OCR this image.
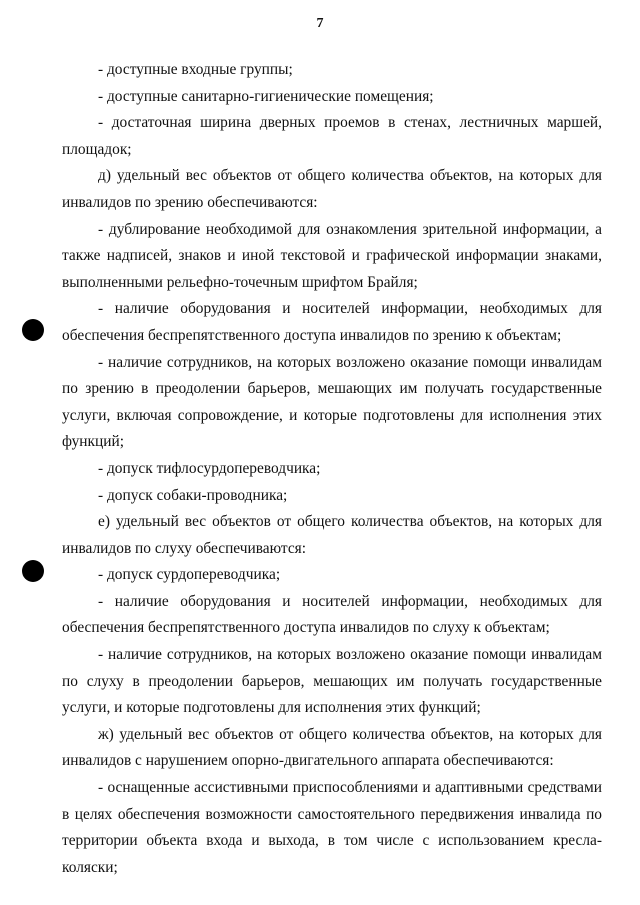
7

- доступные входные группы;

- доступные санитарно-гигиенические помещения;

- достаточная ширина дверных проемов в стенах, лестничных маршей, площадок;

д) удельный вес объектов от общего количества объектов, на которых для инвалидов по зрению обеспечиваются:

- дублирование необходимой для ознакомления зрительной информации, а также надписей, знаков и иной текстовой и графической информации знаками, выполненными рельефно-точечным шрифтом Брайля;

- наличие оборудования и носителей информации, необходимых для обеспечения беспрепятственного доступа инвалидов по зрению к объектам;

- наличие сотрудников, на которых возложено оказание помощи инвалидам по зрению в преодолении барьеров, мешающих им получать государственные услуги, включая сопровождение, и которые подготовлены для исполнения этих функций;

- допуск тифлосурдопереводчика;

- допуск собаки-проводника;

е) удельный вес объектов от общего количества объектов, на которых для инвалидов по слуху обеспечиваются:

- допуск сурдопереводчика;

- наличие оборудования и носителей информации, необходимых для обеспечения беспрепятственного доступа инвалидов по слуху к объектам;

- наличие сотрудников, на которых возложено оказание помощи инвалидам по слуху в преодолении барьеров, мешающих им получать государственные услуги, и которые подготовлены для исполнения этих функций;

ж) удельный вес объектов от общего количества объектов, на которых для инвалидов с нарушением опорно-двигательного аппарата обеспечиваются:

- оснащенные ассистивными приспособлениями и адаптивными средствами в целях обеспечения возможности самостоятельного передвижения инвалида по территории объекта входа и выхода, в том числе с использованием кресла-коляски;
